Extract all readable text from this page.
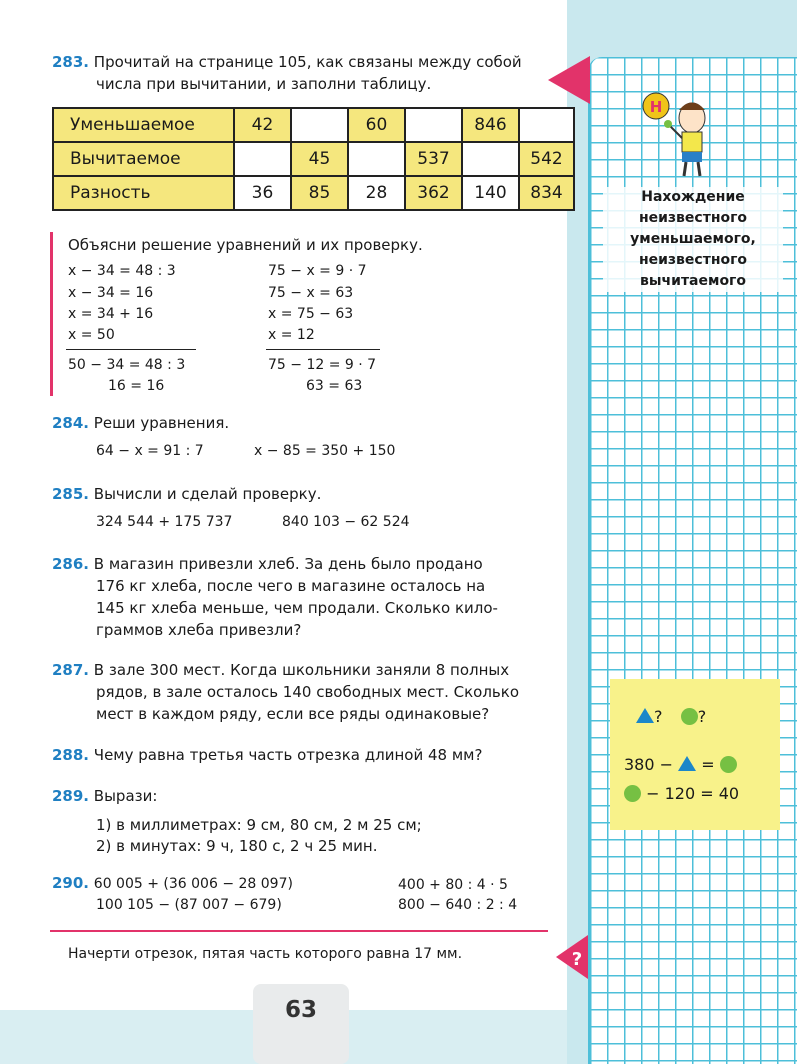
283. Прочитай на странице 105, как связаны между собой
числа при вычитании, и заполни таблицу.
Уменьшаемое	42		60		846	
Вычитаемое		45		537		542
Разность	36	85	28	362	140	834
Объясни решение уравнений и их проверку.
x − 34 = 48 : 3
x − 34 = 16
x = 34 + 16
x = 50
50 − 34 = 48 : 3
16 = 16
75 − x = 9 · 7
75 − x = 63
x = 75 − 63
x = 12
75 − 12 = 9 · 7
63 = 63
284. Реши уравнения.
64 − x = 91 : 7	x − 85 = 350 + 150
285. Вычисли и сделай проверку.
324 544 + 175 737	840 103 − 62 524
286. В магазин привезли хлеб. За день было продано
176 кг хлеба, после чего в магазине осталось на
145 кг хлеба меньше, чем продали. Сколько кило-
граммов хлеба привезли?
287. В зале 300 мест. Когда школьники заняли 8 полных
рядов, в зале осталось 140 свободных мест. Сколько
мест в каждом ряду, если все ряды одинаковые?
288. Чему равна третья часть отрезка длиной 48 мм?
289. Вырази:
1) в миллиметрах: 9 см, 80 см, 2 м 25 см;
2) в минутах: 9 ч, 180 с, 2 ч 25 мин.
290. 60 005 + (36 006 − 28 097)
100 105 − (87 007 − 679)
400 + 80 : 4 · 5
800 − 640 : 2 : 4
Начерти отрезок, пятая часть которого равна 17 мм.	?
Н
Нахождение
неизвестного
уменьшаемого,
неизвестного
вычитаемого
? ?
380 − =
− 120 = 40
63
